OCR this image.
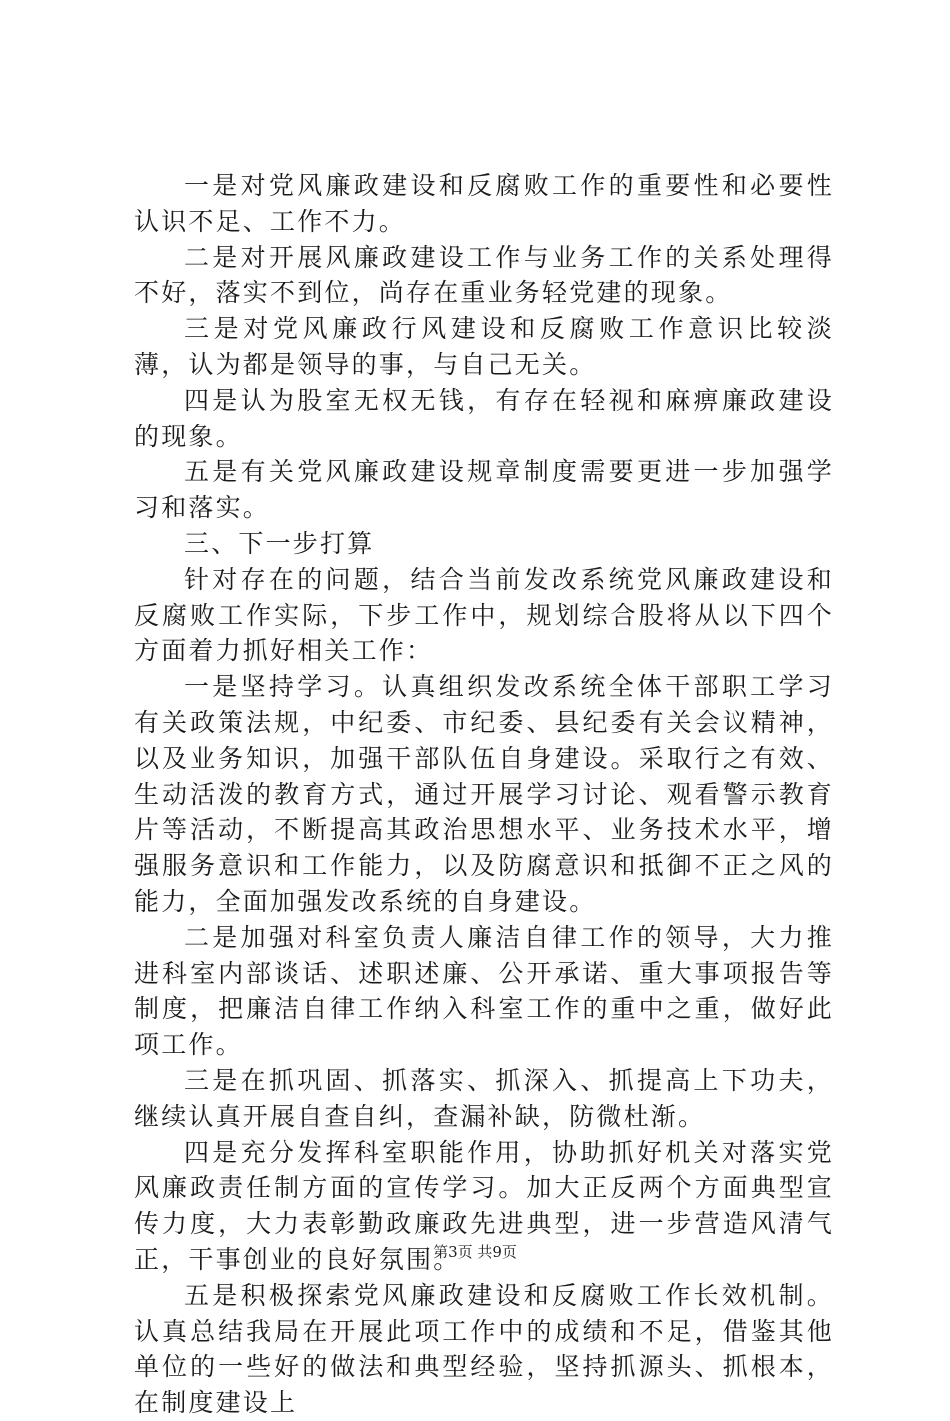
一是对党风廉政建设和反腐败工作的重要性和必要性认识不足、工作不力。

二是对开展风廉政建设工作与业务工作的关系处理得不好，落实不到位，尚存在重业务轻党建的现象。

三是对党风廉政行风建设和反腐败工作意识比较淡薄，认为都是领导的事，与自己无关。

四是认为股室无权无钱，有存在轻视和麻痹廉政建设的现象。

五是有关党风廉政建设规章制度需要更进一步加强学习和落实。

三、下一步打算

针对存在的问题，结合当前发改系统党风廉政建设和反腐败工作实际，下步工作中，规划综合股将从以下四个方面着力抓好相关工作：

一是坚持学习。认真组织发改系统全体干部职工学习有关政策法规，中纪委、市纪委、县纪委有关会议精神，以及业务知识，加强干部队伍自身建设。采取行之有效、生动活泼的教育方式，通过开展学习讨论、观看警示教育片等活动，不断提高其政治思想水平、业务技术水平，增强服务意识和工作能力，以及防腐意识和抵御不正之风的能力，全面加强发改系统的自身建设。

二是加强对科室负责人廉洁自律工作的领导，大力推进科室内部谈话、述职述廉、公开承诺、重大事项报告等制度，把廉洁自律工作纳入科室工作的重中之重，做好此项工作。

三是在抓巩固、抓落实、抓深入、抓提高上下功夫，继续认真开展自查自纠，查漏补缺，防微杜渐。

四是充分发挥科室职能作用，协助抓好机关对落实党风廉政责任制方面的宣传学习。加大正反两个方面典型宣传力度，大力表彰勤政廉政先进典型，进一步营造风清气正，干事创业的良好氛围。

五是积极探索党风廉政建设和反腐败工作长效机制。认真总结我局在开展此项工作中的成绩和不足，借鉴其他单位的一些好的做法和典型经验，坚持抓源头、抓根本，在制度建设上

第3页 共9页
